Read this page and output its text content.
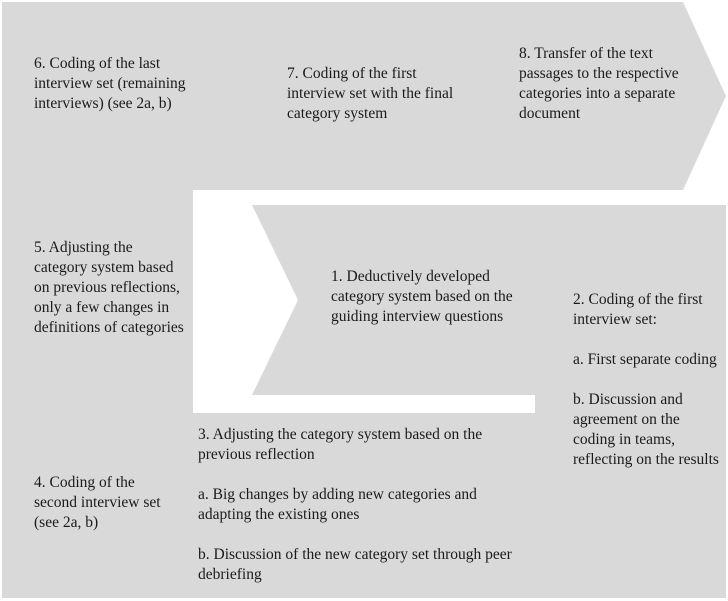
6. Coding of the last interview set (remaining interviews) (see 2a, b)
7. Coding of the first interview set with the final category system
8. Transfer of the text passages to the respective categories into a separate document
5. Adjusting the category system based on previous reflections, only a few changes in definitions of categories
1. Deductively developed category system based on the guiding interview questions
2. Coding of the first interview set:
a. First separate coding
b. Discussion and agreement on the coding in teams, reflecting on the results
3. Adjusting the category system based on the previous reflection
a. Big changes by adding new categories and adapting the existing ones
b. Discussion of the new category set through peer debriefing
4. Coding of the second interview set (see 2a, b)
